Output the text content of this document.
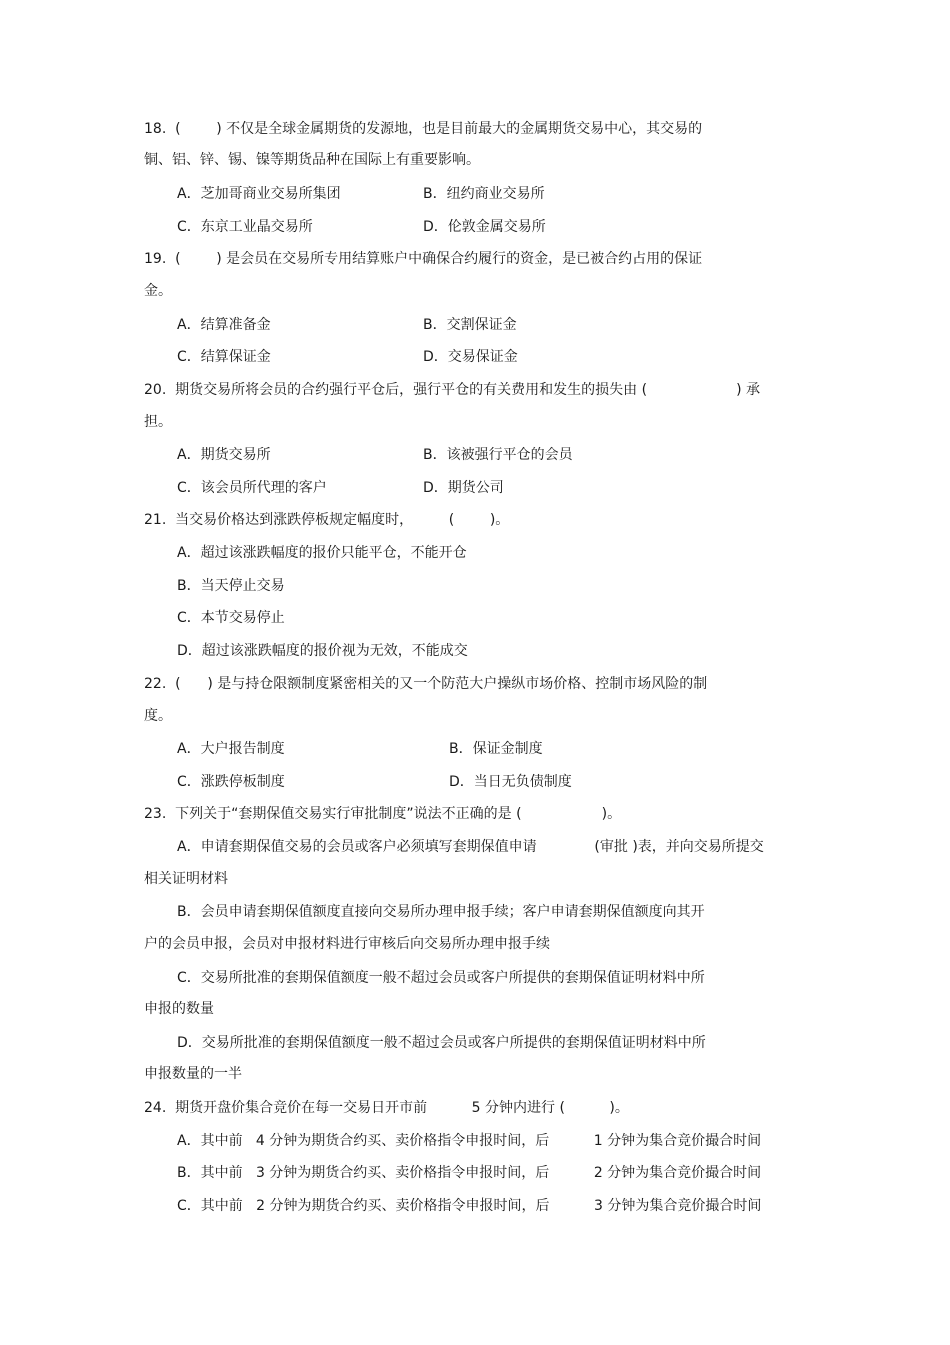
18.  (        ) 不仅是全球金属期货的发源地，也是目前最大的金属期货交易中心，其交易的
铜、铝、锌、锡、镍等期货品种在国际上有重要影响。
A．芝加哥商业交易所集团	B．纽约商业交易所
C．东京工业晶交易所	D．伦敦金属交易所
19.  (        ) 是会员在交易所专用结算账户中确保合约履行的资金，是已被合约占用的保证
金。
A．结算准备金	B．交割保证金
C．结算保证金	D．交易保证金
20.  期货交易所将会员的合约强行平仓后，强行平仓的有关费用和发生的损失由 (                    ) 承
担。
A．期货交易所	B．该被强行平仓的会员
C．该会员所代理的客户	D．期货公司
21.  当交易价格达到涨跌停板规定幅度时，        (        )。
A．超过该涨跌幅度的报价只能平仓，不能开仓
B．当天停止交易
C．本节交易停止
D．超过该涨跌幅度的报价视为无效，不能成交
22.  (      ) 是与持仓限额制度紧密相关的又一个防范大户操纵市场价格、控制市场风险的制
度。
A．大户报告制度	B．保证金制度
C．涨跌停板制度	D．当日无负债制度
23.  下列关于“套期保值交易实行审批制度”说法不正确的是 (                  )。
A．申请套期保值交易的会员或客户必须填写套期保值申请             (审批 )表，并向交易所提交
相关证明材料
B．会员申请套期保值额度直接向交易所办理申报手续；客户申请套期保值额度向其开
户的会员申报，会员对申报材料进行审核后向交易所办理申报手续
C．交易所批准的套期保值额度一般不超过会员或客户所提供的套期保值证明材料中所
申报的数量
D．交易所批准的套期保值额度一般不超过会员或客户所提供的套期保值证明材料中所
申报数量的一半
24.  期货开盘价集合竞价在每一交易日开市前          5 分钟内进行 (          )。
A．其中前   4 分钟为期货合约买、卖价格指令申报时间，后          1 分钟为集合竞价撮合时间
B．其中前   3 分钟为期货合约买、卖价格指令申报时间，后          2 分钟为集合竞价撮合时间
C．其中前   2 分钟为期货合约买、卖价格指令申报时间，后          3 分钟为集合竞价撮合时间
